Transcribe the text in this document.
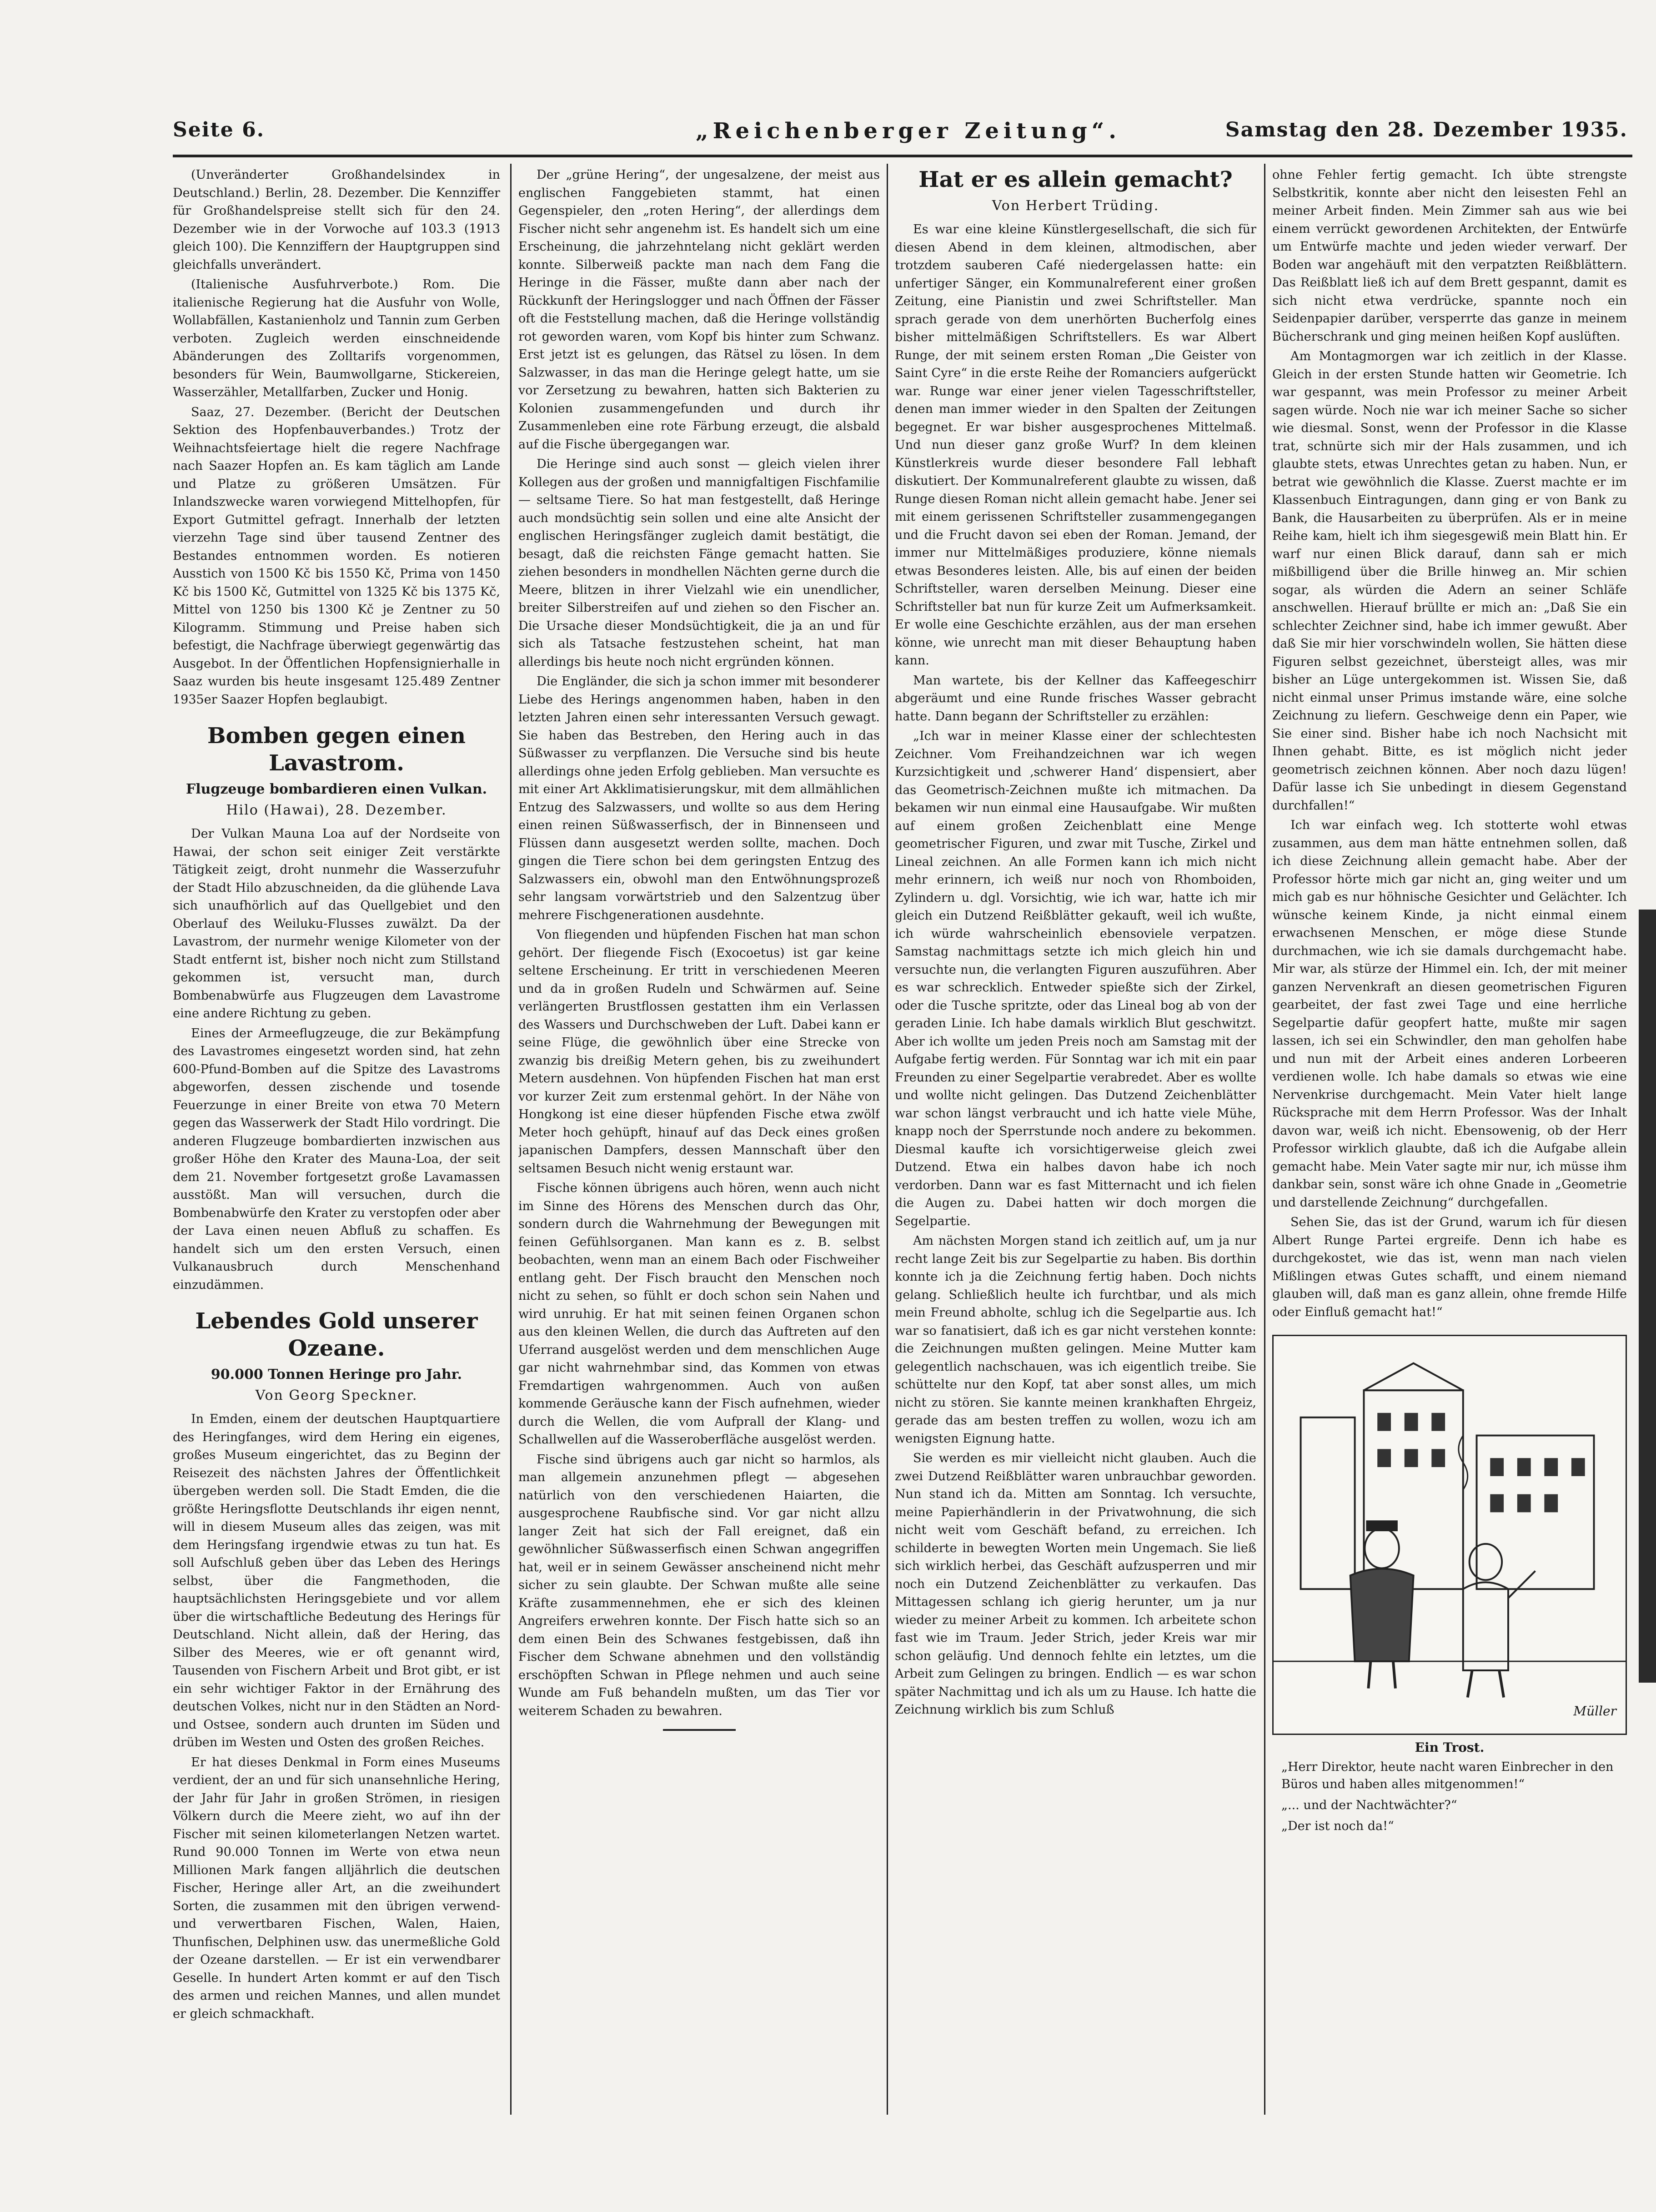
Seite 6.	„Reichenberger Zeitung“.	Samstag den 28. Dezember 1935.

(Unveränderter Großhandelsindex in Deutschland.) Berlin, 28. Dezember. Die Kennziffer für Großhandelspreise stellt sich für den 24. Dezember wie in der Vorwoche auf 103.3 (1913 gleich 100). Die Kennziffern der Hauptgruppen sind gleichfalls unverändert.

(Italienische Ausfuhrverbote.) Rom. Die italienische Regierung hat die Ausfuhr von Wolle, Wollabfällen, Kastanienholz und Tannin zum Gerben verboten. Zugleich werden einschneidende Abänderungen des Zolltarifs vorgenommen, besonders für Wein, Baumwollgarne, Stickereien, Wasserzähler, Metallfarben, Zucker und Honig.

Saaz, 27. Dezember. (Bericht der Deutschen Sektion des Hopfenbauverbandes.) Trotz der Weihnachtsfeiertage hielt die regere Nachfrage nach Saazer Hopfen an. Es kam täglich am Lande und Platze zu größeren Umsätzen. Für Inlandszwecke waren vorwiegend Mittelhopfen, für Export Gutmittel gefragt. Innerhalb der letzten vierzehn Tage sind über tausend Zentner des Bestandes entnommen worden. Es notieren Ausstich von 1500 Kč bis 1550 Kč, Prima von 1450 Kč bis 1500 Kč, Gutmittel von 1325 Kč bis 1375 Kč, Mittel von 1250 bis 1300 Kč je Zentner zu 50 Kilogramm. Stimmung und Preise haben sich befestigt, die Nachfrage überwiegt gegenwärtig das Ausgebot. In der Öffentlichen Hopfensignierhalle in Saaz wurden bis heute insgesamt 125.489 Zentner 1935er Saazer Hopfen beglaubigt.

Bomben gegen einen Lavastrom.
Flugzeuge bombardieren einen Vulkan.
Hilo (Hawai), 28. Dezember.

Der Vulkan Mauna Loa auf der Nordseite von Hawai, der schon seit einiger Zeit verstärkte Tätigkeit zeigt, droht nunmehr die Wasserzufuhr der Stadt Hilo abzuschneiden, da die glühende Lava sich unaufhörlich auf das Quellgebiet und den Oberlauf des Weiluku-Flusses zuwälzt. Da der Lavastrom, der nurmehr wenige Kilometer von der Stadt entfernt ist, bisher noch nicht zum Stillstand gekommen ist, versucht man, durch Bombenabwürfe aus Flugzeugen dem Lavastrome eine andere Richtung zu geben.

Eines der Armeeflugzeuge, die zur Bekämpfung des Lavastromes eingesetzt worden sind, hat zehn 600-Pfund-Bomben auf die Spitze des Lavastroms abgeworfen, dessen zischende und tosende Feuerzunge in einer Breite von etwa 70 Metern gegen das Wasserwerk der Stadt Hilo vordringt. Die anderen Flugzeuge bombardierten inzwischen aus großer Höhe den Krater des Mauna-Loa, der seit dem 21. November fortgesetzt große Lavamassen ausstößt. Man will versuchen, durch die Bombenabwürfe den Krater zu verstopfen oder aber der Lava einen neuen Abfluß zu schaffen. Es handelt sich um den ersten Versuch, einen Vulkanausbruch durch Menschenhand einzudämmen.

Lebendes Gold unserer Ozeane.
90.000 Tonnen Heringe pro Jahr.
Von Georg Speckner.

In Emden, einem der deutschen Hauptquartiere des Heringfanges, wird dem Hering ein eigenes, großes Museum eingerichtet, das zu Beginn der Reisezeit des nächsten Jahres der Öffentlichkeit übergeben werden soll. Die Stadt Emden, die die größte Heringsflotte Deutschlands ihr eigen nennt, will in diesem Museum alles das zeigen, was mit dem Heringsfang irgendwie etwas zu tun hat. Es soll Aufschluß geben über das Leben des Herings selbst, über die Fangmethoden, die hauptsächlichsten Heringsgebiete und vor allem über die wirtschaftliche Bedeutung des Herings für Deutschland. Nicht allein, daß der Hering, das Silber des Meeres, wie er oft genannt wird, Tausenden von Fischern Arbeit und Brot gibt, er ist ein sehr wichtiger Faktor in der Ernährung des deutschen Volkes, nicht nur in den Städten an Nord- und Ostsee, sondern auch drunten im Süden und drüben im Westen und Osten des großen Reiches.

Er hat dieses Denkmal in Form eines Museums verdient, der an und für sich unansehnliche Hering, der Jahr für Jahr in großen Strömen, in riesigen Völkern durch die Meere zieht, wo auf ihn der Fischer mit seinen kilometerlangen Netzen wartet. Rund 90.000 Tonnen im Werte von etwa neun Millionen Mark fangen alljährlich die deutschen Fischer, Heringe aller Art, an die zweihundert Sorten, die zusammen mit den übrigen verwend- und verwertbaren Fischen, Walen, Haien, Thunfischen, Delphinen usw. das unermeßliche Gold der Ozeane darstellen. — Er ist ein verwendbarer Geselle. In hundert Arten kommt er auf den Tisch des armen und reichen Mannes, und allen mundet er gleich schmackhaft.

Der „grüne Hering“, der ungesalzene, der meist aus englischen Fanggebieten stammt, hat einen Gegenspieler, den „roten Hering“, der allerdings dem Fischer nicht sehr angenehm ist. Es handelt sich um eine Erscheinung, die jahrzehntelang nicht geklärt werden konnte. Silberweiß packte man nach dem Fang die Heringe in die Fässer, mußte dann aber nach der Rückkunft der Heringslogger und nach Öffnen der Fässer oft die Feststellung machen, daß die Heringe vollständig rot geworden waren, vom Kopf bis hinter zum Schwanz. Erst jetzt ist es gelungen, das Rätsel zu lösen. In dem Salzwasser, in das man die Heringe gelegt hatte, um sie vor Zersetzung zu bewahren, hatten sich Bakterien zu Kolonien zusammengefunden und durch ihr Zusammenleben eine rote Färbung erzeugt, die alsbald auf die Fische übergegangen war.

Die Heringe sind auch sonst — gleich vielen ihrer Kollegen aus der großen und mannigfaltigen Fischfamilie — seltsame Tiere. So hat man festgestellt, daß Heringe auch mondsüchtig sein sollen und eine alte Ansicht der englischen Heringsfänger zugleich damit bestätigt, die besagt, daß die reichsten Fänge gemacht hatten. Sie ziehen besonders in mondhellen Nächten gerne durch die Meere, blitzen in ihrer Vielzahl wie ein unendlicher, breiter Silberstreifen auf und ziehen so den Fischer an. Die Ursache dieser Mondsüchtigkeit, die ja an und für sich als Tatsache festzustehen scheint, hat man allerdings bis heute noch nicht ergründen können.

Die Engländer, die sich ja schon immer mit besonderer Liebe des Herings angenommen haben, haben in den letzten Jahren einen sehr interessanten Versuch gewagt. Sie haben das Bestreben, den Hering auch in das Süßwasser zu verpflanzen. Die Versuche sind bis heute allerdings ohne jeden Erfolg geblieben. Man versuchte es mit einer Art Akklimatisierungskur, mit dem allmählichen Entzug des Salzwassers, und wollte so aus dem Hering einen reinen Süßwasserfisch, der in Binnenseen und Flüssen dann ausgesetzt werden sollte, machen. Doch gingen die Tiere schon bei dem geringsten Entzug des Salzwassers ein, obwohl man den Entwöhnungsprozeß sehr langsam vorwärtstrieb und den Salzentzug über mehrere Fischgenerationen ausdehnte.

Von fliegenden und hüpfenden Fischen hat man schon gehört. Der fliegende Fisch (Exocoetus) ist gar keine seltene Erscheinung. Er tritt in verschiedenen Meeren und da in großen Rudeln und Schwärmen auf. Seine verlängerten Brustflossen gestatten ihm ein Verlassen des Wassers und Durchschweben der Luft. Dabei kann er seine Flüge, die gewöhnlich über eine Strecke von zwanzig bis dreißig Metern gehen, bis zu zweihundert Metern ausdehnen. Von hüpfenden Fischen hat man erst vor kurzer Zeit zum erstenmal gehört. In der Nähe von Hongkong ist eine dieser hüpfenden Fische etwa zwölf Meter hoch gehüpft, hinauf auf das Deck eines großen japanischen Dampfers, dessen Mannschaft über den seltsamen Besuch nicht wenig erstaunt war.

Fische können übrigens auch hören, wenn auch nicht im Sinne des Hörens des Menschen durch das Ohr, sondern durch die Wahrnehmung der Bewegungen mit feinen Gefühlsorganen. Man kann es z. B. selbst beobachten, wenn man an einem Bach oder Fischweiher entlang geht. Der Fisch braucht den Menschen noch nicht zu sehen, so fühlt er doch schon sein Nahen und wird unruhig. Er hat mit seinen feinen Organen schon aus den kleinen Wellen, die durch das Auftreten auf den Uferrand ausgelöst werden und dem menschlichen Auge gar nicht wahrnehmbar sind, das Kommen von etwas Fremdartigen wahrgenommen. Auch von außen kommende Geräusche kann der Fisch aufnehmen, wieder durch die Wellen, die vom Aufprall der Klang- und Schallwellen auf die Wasseroberfläche ausgelöst werden.

Fische sind übrigens auch gar nicht so harmlos, als man allgemein anzunehmen pflegt — abgesehen natürlich von den verschiedenen Haiarten, die ausgesprochene Raubfische sind. Vor gar nicht allzu langer Zeit hat sich der Fall ereignet, daß ein gewöhnlicher Süßwasserfisch einen Schwan angegriffen hat, weil er in seinem Gewässer anscheinend nicht mehr sicher zu sein glaubte. Der Schwan mußte alle seine Kräfte zusammennehmen, ehe er sich des kleinen Angreifers erwehren konnte. Der Fisch hatte sich so an dem einen Bein des Schwanes festgebissen, daß ihn Fischer dem Schwane abnehmen und den vollständig erschöpften Schwan in Pflege nehmen und auch seine Wunde am Fuß behandeln mußten, um das Tier vor weiterem Schaden zu bewahren.

Hat er es allein gemacht?
Von Herbert Trüding.

Es war eine kleine Künstlergesellschaft, die sich für diesen Abend in dem kleinen, altmodischen, aber trotzdem sauberen Café niedergelassen hatte: ein unfertiger Sänger, ein Kommunalreferent einer großen Zeitung, eine Pianistin und zwei Schriftsteller. Man sprach gerade von dem unerhörten Bucherfolg eines bisher mittelmäßigen Schriftstellers. Es war Albert Runge, der mit seinem ersten Roman „Die Geister von Saint Cyre“ in die erste Reihe der Romanciers aufgerückt war. Runge war einer jener vielen Tagesschriftsteller, denen man immer wieder in den Spalten der Zeitungen begegnet. Er war bisher ausgesprochenes Mittelmaß. Und nun dieser ganz große Wurf? In dem kleinen Künstlerkreis wurde dieser besondere Fall lebhaft diskutiert. Der Kommunalreferent glaubte zu wissen, daß Runge diesen Roman nicht allein gemacht habe. Jener sei mit einem gerissenen Schriftsteller zusammengegangen und die Frucht davon sei eben der Roman. Jemand, der immer nur Mittelmäßiges produziere, könne niemals etwas Besonderes leisten. Alle, bis auf einen der beiden Schriftsteller, waren derselben Meinung. Dieser eine Schriftsteller bat nun für kurze Zeit um Aufmerksamkeit. Er wolle eine Geschichte erzählen, aus der man ersehen könne, wie unrecht man mit dieser Behauptung haben kann.

Man wartete, bis der Kellner das Kaffeegeschirr abgeräumt und eine Runde frisches Wasser gebracht hatte. Dann begann der Schriftsteller zu erzählen:

„Ich war in meiner Klasse einer der schlechtesten Zeichner. Vom Freihandzeichnen war ich wegen Kurzsichtigkeit und ‚schwerer Hand‘ dispensiert, aber das Geometrisch-Zeichnen mußte ich mitmachen. Da bekamen wir nun einmal eine Hausaufgabe. Wir mußten auf einem großen Zeichenblatt eine Menge geometrischer Figuren, und zwar mit Tusche, Zirkel und Lineal zeichnen. An alle Formen kann ich mich nicht mehr erinnern, ich weiß nur noch von Rhomboiden, Zylindern u. dgl. Vorsichtig, wie ich war, hatte ich mir gleich ein Dutzend Reißblätter gekauft, weil ich wußte, ich würde wahrscheinlich ebensoviele verpatzen. Samstag nachmittags setzte ich mich gleich hin und versuchte nun, die verlangten Figuren auszuführen. Aber es war schrecklich. Entweder spießte sich der Zirkel, oder die Tusche spritzte, oder das Lineal bog ab von der geraden Linie. Ich habe damals wirklich Blut geschwitzt. Aber ich wollte um jeden Preis noch am Samstag mit der Aufgabe fertig werden. Für Sonntag war ich mit ein paar Freunden zu einer Segelpartie verabredet. Aber es wollte und wollte nicht gelingen. Das Dutzend Zeichenblätter war schon längst verbraucht und ich hatte viele Mühe, knapp noch der Sperrstunde noch andere zu bekommen. Diesmal kaufte ich vorsichtigerweise gleich zwei Dutzend. Etwa ein halbes davon habe ich noch verdorben. Dann war es fast Mitternacht und ich fielen die Augen zu. Dabei hatten wir doch morgen die Segelpartie.

Am nächsten Morgen stand ich zeitlich auf, um ja nur recht lange Zeit bis zur Segelpartie zu haben. Bis dorthin konnte ich ja die Zeichnung fertig haben. Doch nichts gelang. Schließlich heulte ich furchtbar, und als mich mein Freund abholte, schlug ich die Segelpartie aus. Ich war so fanatisiert, daß ich es gar nicht verstehen konnte: die Zeichnungen mußten gelingen. Meine Mutter kam gelegentlich nachschauen, was ich eigentlich treibe. Sie schüttelte nur den Kopf, tat aber sonst alles, um mich nicht zu stören. Sie kannte meinen krankhaften Ehrgeiz, gerade das am besten treffen zu wollen, wozu ich am wenigsten Eignung hatte.

Sie werden es mir vielleicht nicht glauben. Auch die zwei Dutzend Reißblätter waren unbrauchbar geworden. Nun stand ich da. Mitten am Sonntag. Ich versuchte, meine Papierhändlerin in der Privatwohnung, die sich nicht weit vom Geschäft befand, zu erreichen. Ich schilderte in bewegten Worten mein Ungemach. Sie ließ sich wirklich herbei, das Geschäft aufzusperren und mir noch ein Dutzend Zeichenblätter zu verkaufen. Das Mittagessen schlang ich gierig herunter, um ja nur wieder zu meiner Arbeit zu kommen. Ich arbeitete schon fast wie im Traum. Jeder Strich, jeder Kreis war mir schon geläufig. Und dennoch fehlte ein letztes, um die Arbeit zum Gelingen zu bringen. Endlich — es war schon später Nachmittag und ich als um zu Hause. Ich hatte die Zeichnung wirklich bis zum Schluß

ohne Fehler fertig gemacht. Ich übte strengste Selbstkritik, konnte aber nicht den leisesten Fehl an meiner Arbeit finden. Mein Zimmer sah aus wie bei einem verrückt gewordenen Architekten, der Entwürfe um Entwürfe machte und jeden wieder verwarf. Der Boden war angehäuft mit den verpatzten Reißblättern. Das Reißblatt ließ ich auf dem Brett gespannt, damit es sich nicht etwa verdrücke, spannte noch ein Seidenpapier darüber, versperrte das ganze in meinem Bücherschrank und ging meinen heißen Kopf auslüften.

Am Montagmorgen war ich zeitlich in der Klasse. Gleich in der ersten Stunde hatten wir Geometrie. Ich war gespannt, was mein Professor zu meiner Arbeit sagen würde. Noch nie war ich meiner Sache so sicher wie diesmal. Sonst, wenn der Professor in die Klasse trat, schnürte sich mir der Hals zusammen, und ich glaubte stets, etwas Unrechtes getan zu haben. Nun, er betrat wie gewöhnlich die Klasse. Zuerst machte er im Klassenbuch Eintragungen, dann ging er von Bank zu Bank, die Hausarbeiten zu überprüfen. Als er in meine Reihe kam, hielt ich ihm siegesgewiß mein Blatt hin. Er warf nur einen Blick darauf, dann sah er mich mißbilligend über die Brille hinweg an. Mir schien sogar, als würden die Adern an seiner Schläfe anschwellen. Hierauf brüllte er mich an: „Daß Sie ein schlechter Zeichner sind, habe ich immer gewußt. Aber daß Sie mir hier vorschwindeln wollen, Sie hätten diese Figuren selbst gezeichnet, übersteigt alles, was mir bisher an Lüge untergekommen ist. Wissen Sie, daß nicht einmal unser Primus imstande wäre, eine solche Zeichnung zu liefern. Geschweige denn ein Paper, wie Sie einer sind. Bisher habe ich noch Nachsicht mit Ihnen gehabt. Bitte, es ist möglich nicht jeder geometrisch zeichnen können. Aber noch dazu lügen! Dafür lasse ich Sie unbedingt in diesem Gegenstand durchfallen!“

Ich war einfach weg. Ich stotterte wohl etwas zusammen, aus dem man hätte entnehmen sollen, daß ich diese Zeichnung allein gemacht habe. Aber der Professor hörte mich gar nicht an, ging weiter und um mich gab es nur höhnische Gesichter und Gelächter. Ich wünsche keinem Kinde, ja nicht einmal einem erwachsenen Menschen, er möge diese Stunde durchmachen, wie ich sie damals durchgemacht habe. Mir war, als stürze der Himmel ein. Ich, der mit meiner ganzen Nervenkraft an diesen geometrischen Figuren gearbeitet, der fast zwei Tage und eine herrliche Segelpartie dafür geopfert hatte, mußte mir sagen lassen, ich sei ein Schwindler, den man geholfen habe und nun mit der Arbeit eines anderen Lorbeeren verdienen wolle. Ich habe damals so etwas wie eine Nervenkrise durchgemacht. Mein Vater hielt lange Rücksprache mit dem Herrn Professor. Was der Inhalt davon war, weiß ich nicht. Ebensowenig, ob der Herr Professor wirklich glaubte, daß ich die Aufgabe allein gemacht habe. Mein Vater sagte mir nur, ich müsse ihm dankbar sein, sonst wäre ich ohne Gnade in „Geometrie und darstellende Zeichnung“ durchgefallen.

Sehen Sie, das ist der Grund, warum ich für diesen Albert Runge Partei ergreife. Denn ich habe es durchgekostet, wie das ist, wenn man nach vielen Mißlingen etwas Gutes schafft, und einem niemand glauben will, daß man es ganz allein, ohne fremde Hilfe oder Einfluß gemacht hat!“

Müller
Ein Trost.
„Herr Direktor, heute nacht waren Einbrecher in den Büros und haben alles mitgenommen!“
„... und der Nachtwächter?“
„Der ist noch da!“
